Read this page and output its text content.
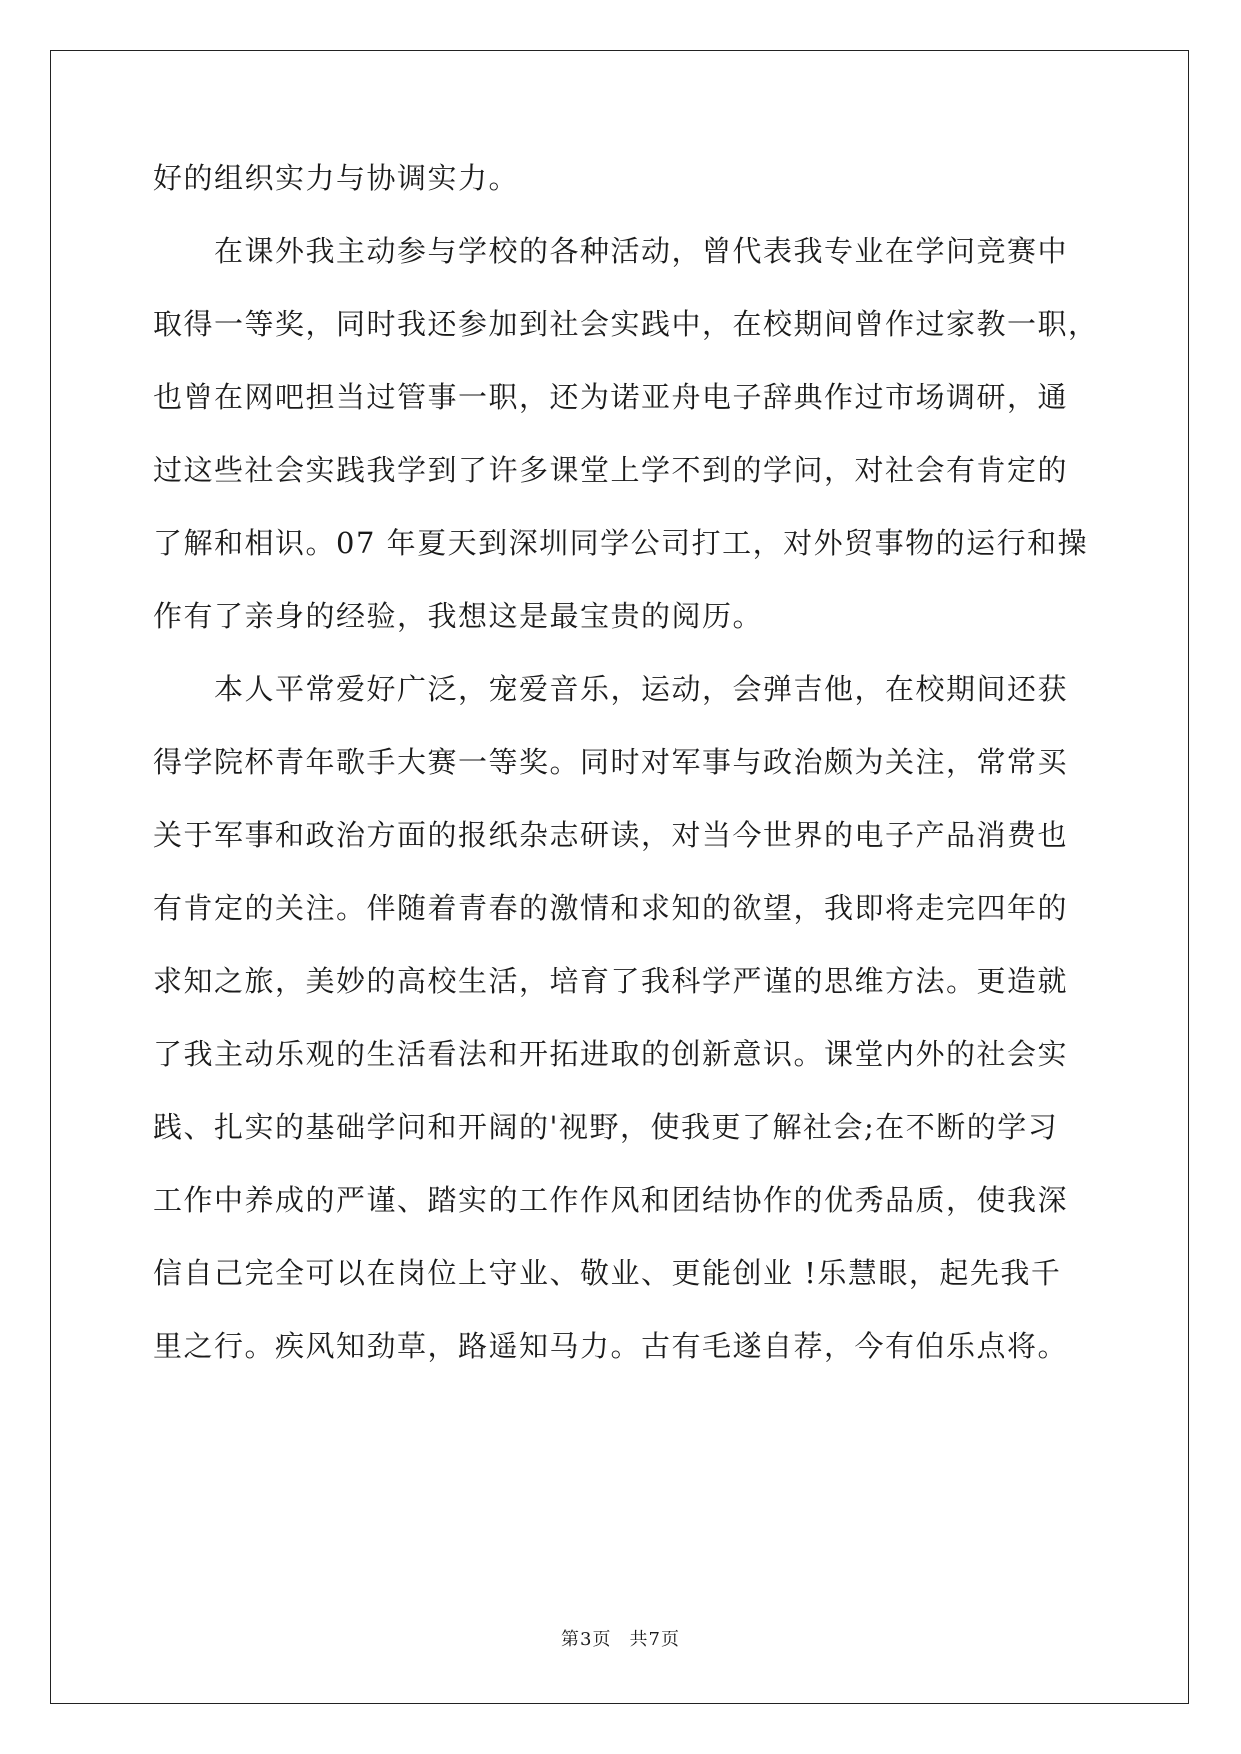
好的组织实力与协调实力。
　　在课外我主动参与学校的各种活动，曾代表我专业在学问竞赛中
取得一等奖，同时我还参加到社会实践中，在校期间曾作过家教一职，
也曾在网吧担当过管事一职，还为诺亚舟电子辞典作过市场调研，通
过这些社会实践我学到了许多课堂上学不到的学问，对社会有肯定的
了解和相识。07 年夏天到深圳同学公司打工，对外贸事物的运行和操
作有了亲身的经验，我想这是最宝贵的阅历。
　　本人平常爱好广泛，宠爱音乐，运动，会弹吉他，在校期间还获
得学院杯青年歌手大赛一等奖。同时对军事与政治颇为关注，常常买
关于军事和政治方面的报纸杂志研读，对当今世界的电子产品消费也
有肯定的关注。伴随着青春的激情和求知的欲望，我即将走完四年的
求知之旅，美妙的高校生活，培育了我科学严谨的思维方法。更造就
了我主动乐观的生活看法和开拓进取的创新意识。课堂内外的社会实
践、扎实的基础学问和开阔的'视野，使我更了解社会;在不断的学习
工作中养成的严谨、踏实的工作作风和团结协作的优秀品质，使我深
信自己完全可以在岗位上守业、敬业、更能创业 !乐慧眼，起先我千
里之行。疾风知劲草，路遥知马力。古有毛遂自荐，今有伯乐点将。
第3页 共7页
